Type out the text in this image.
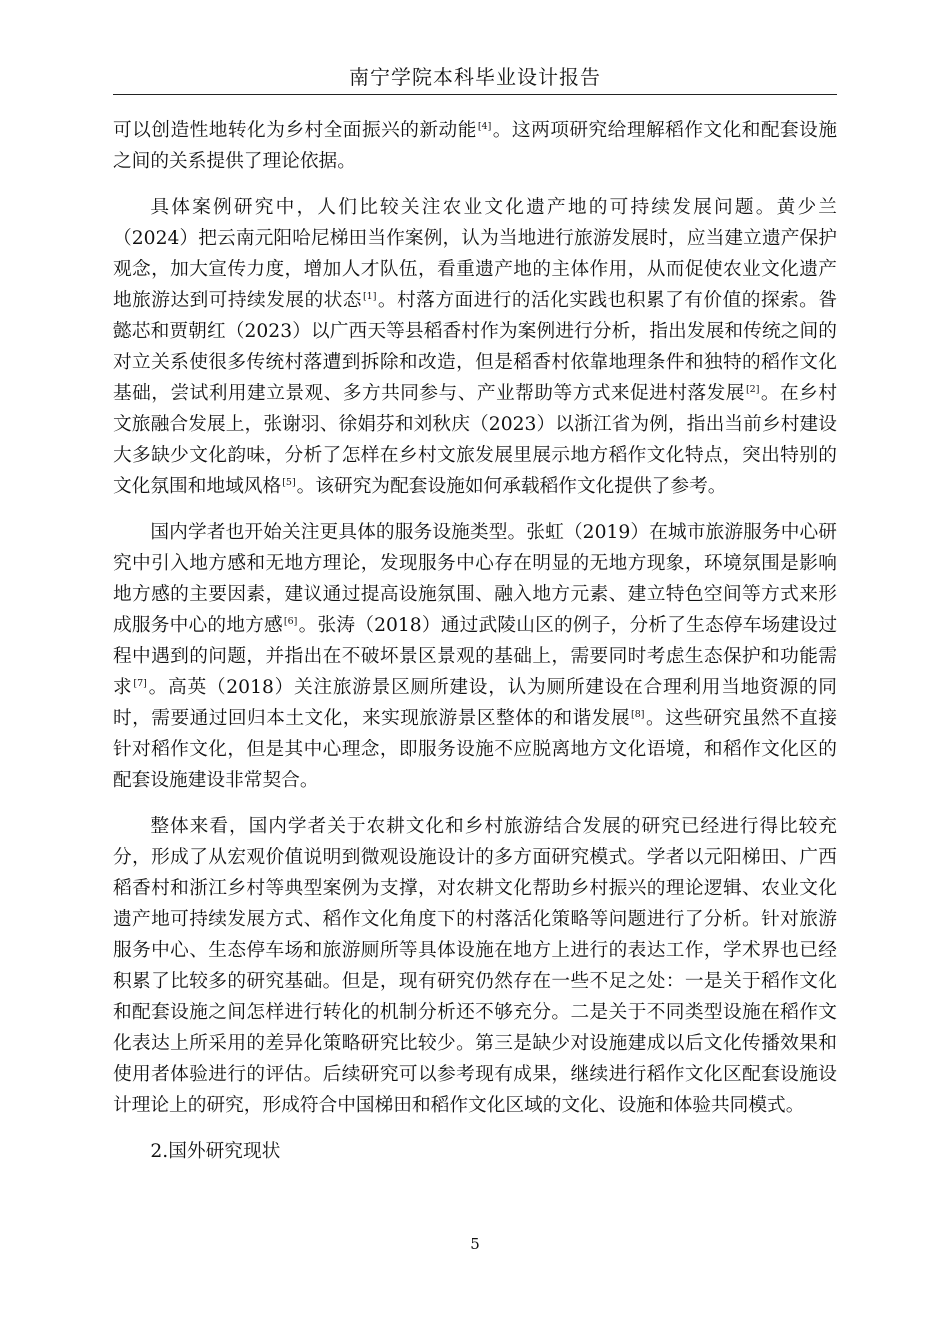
南宁学院本科毕业设计报告

可以创造性地转化为乡村全面振兴的新动能[4]。这两项研究给理解稻作文化和配套设施之间的关系提供了理论依据。

具体案例研究中，人们比较关注农业文化遗产地的可持续发展问题。黄少兰（2024）把云南元阳哈尼梯田当作案例，认为当地进行旅游发展时，应当建立遗产保护观念，加大宣传力度，增加人才队伍，看重遗产地的主体作用，从而促使农业文化遗产地旅游达到可持续发展的状态[1]。村落方面进行的活化实践也积累了有价值的探索。昝懿芯和贾朝红（2023）以广西天等县稻香村作为案例进行分析，指出发展和传统之间的对立关系使很多传统村落遭到拆除和改造，但是稻香村依靠地理条件和独特的稻作文化基础，尝试利用建立景观、多方共同参与、产业帮助等方式来促进村落发展[2]。在乡村文旅融合发展上，张谢羽、徐娟芬和刘秋庆（2023）以浙江省为例，指出当前乡村建设大多缺少文化韵味，分析了怎样在乡村文旅发展里展示地方稻作文化特点，突出特别的文化氛围和地域风格[5]。该研究为配套设施如何承载稻作文化提供了参考。

国内学者也开始关注更具体的服务设施类型。张虹（2019）在城市旅游服务中心研究中引入地方感和无地方理论，发现服务中心存在明显的无地方现象，环境氛围是影响地方感的主要因素，建议通过提高设施氛围、融入地方元素、建立特色空间等方式来形成服务中心的地方感[6]。张涛（2018）通过武陵山区的例子，分析了生态停车场建设过程中遇到的问题，并指出在不破坏景区景观的基础上，需要同时考虑生态保护和功能需求[7]。高英（2018）关注旅游景区厕所建设，认为厕所建设在合理利用当地资源的同时，需要通过回归本土文化，来实现旅游景区整体的和谐发展[8]。这些研究虽然不直接针对稻作文化，但是其中心理念，即服务设施不应脱离地方文化语境，和稻作文化区的配套设施建设非常契合。

整体来看，国内学者关于农耕文化和乡村旅游结合发展的研究已经进行得比较充分，形成了从宏观价值说明到微观设施设计的多方面研究模式。学者以元阳梯田、广西稻香村和浙江乡村等典型案例为支撑，对农耕文化帮助乡村振兴的理论逻辑、农业文化遗产地可持续发展方式、稻作文化角度下的村落活化策略等问题进行了分析。针对旅游服务中心、生态停车场和旅游厕所等具体设施在地方上进行的表达工作，学术界也已经积累了比较多的研究基础。但是，现有研究仍然存在一些不足之处：一是关于稻作文化和配套设施之间怎样进行转化的机制分析还不够充分。二是关于不同类型设施在稻作文化表达上所采用的差异化策略研究比较少。第三是缺少对设施建成以后文化传播效果和使用者体验进行的评估。后续研究可以参考现有成果，继续进行稻作文化区配套设施设计理论上的研究，形成符合中国梯田和稻作文化区域的文化、设施和体验共同模式。

2.国外研究现状
5
